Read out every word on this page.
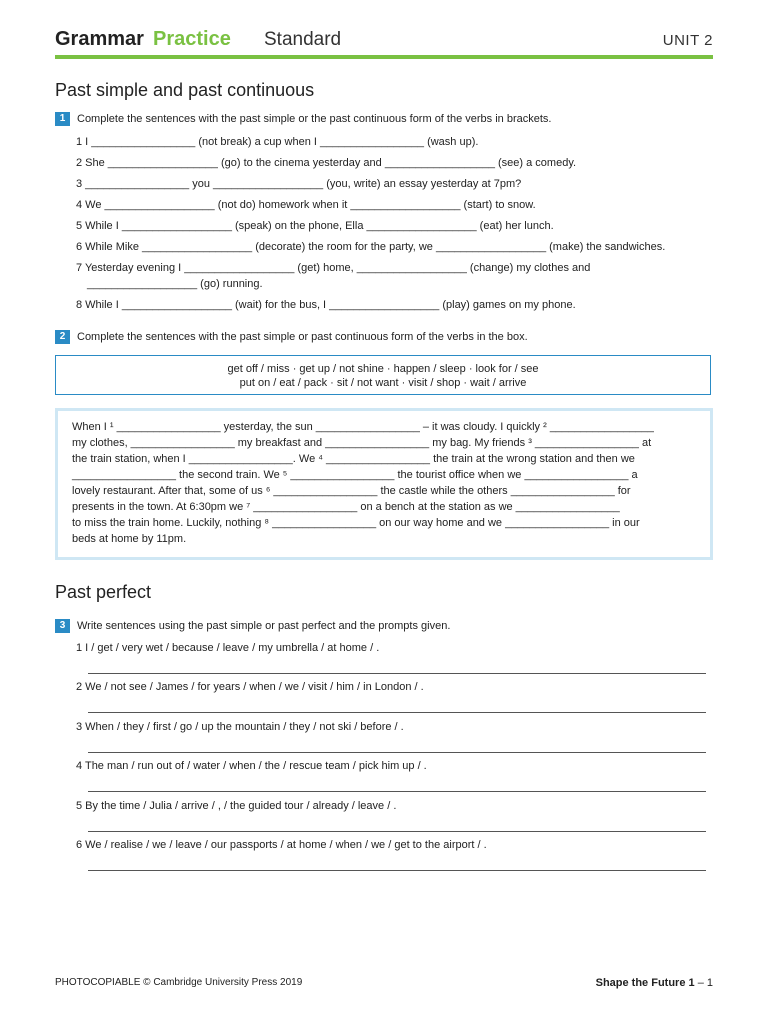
Grammar Practice Standard	UNIT 2
Past simple and past continuous
1 Complete the sentences with the past simple or the past continuous form of the verbs in brackets.
1 I _________________ (not break) a cup when I _________________ (wash up).
2 She __________________ (go) to the cinema yesterday and __________________ (see) a comedy.
3 _________________ you __________________ (you, write) an essay yesterday at 7pm?
4 We __________________ (not do) homework when it __________________ (start) to snow.
5 While I __________________ (speak) on the phone, Ella __________________ (eat) her lunch.
6 While Mike __________________ (decorate) the room for the party, we __________________ (make) the sandwiches.
7 Yesterday evening I __________________ (get) home, __________________ (change) my clothes and
__________________ (go) running.
8 While I __________________ (wait) for the bus, I __________________ (play) games on my phone.
2 Complete the sentences with the past simple or past continuous form of the verbs in the box.
get off / miss · get up / not shine · happen / sleep · look for / see
put on / eat / pack · sit / not want · visit / shop · wait / arrive
When I ¹ _________________ yesterday, the sun _________________ – it was cloudy. I quickly ² _________________
my clothes, _________________ my breakfast and _________________ my bag. My friends ³ _________________ at
the train station, when I _________________. We ⁴ _________________ the train at the wrong station and then we
_________________ the second train. We ⁵ _________________ the tourist office when we _________________ a
lovely restaurant. After that, some of us ⁶ _________________ the castle while the others _________________ for
presents in the town. At 6:30pm we ⁷ _________________ on a bench at the station as we _________________
to miss the train home. Luckily, nothing ⁸ _________________ on our way home and we _________________ in our
beds at home by 11pm.
Past perfect
3 Write sentences using the past simple or past perfect and the prompts given.
1 I / get / very wet / because / leave / my umbrella / at home / .
2 We / not see / James / for years / when / we / visit / him / in London / .
3 When / they / first / go / up the mountain / they / not ski / before / .
4 The man / run out of / water / when / the / rescue team / pick him up / .
5 By the time / Julia / arrive / , / the guided tour / already / leave / .
6 We / realise / we / leave / our passports / at home / when / we / get to the airport / .
PHOTOCOPIABLE © Cambridge University Press 2019	Shape the Future 1 – 1
